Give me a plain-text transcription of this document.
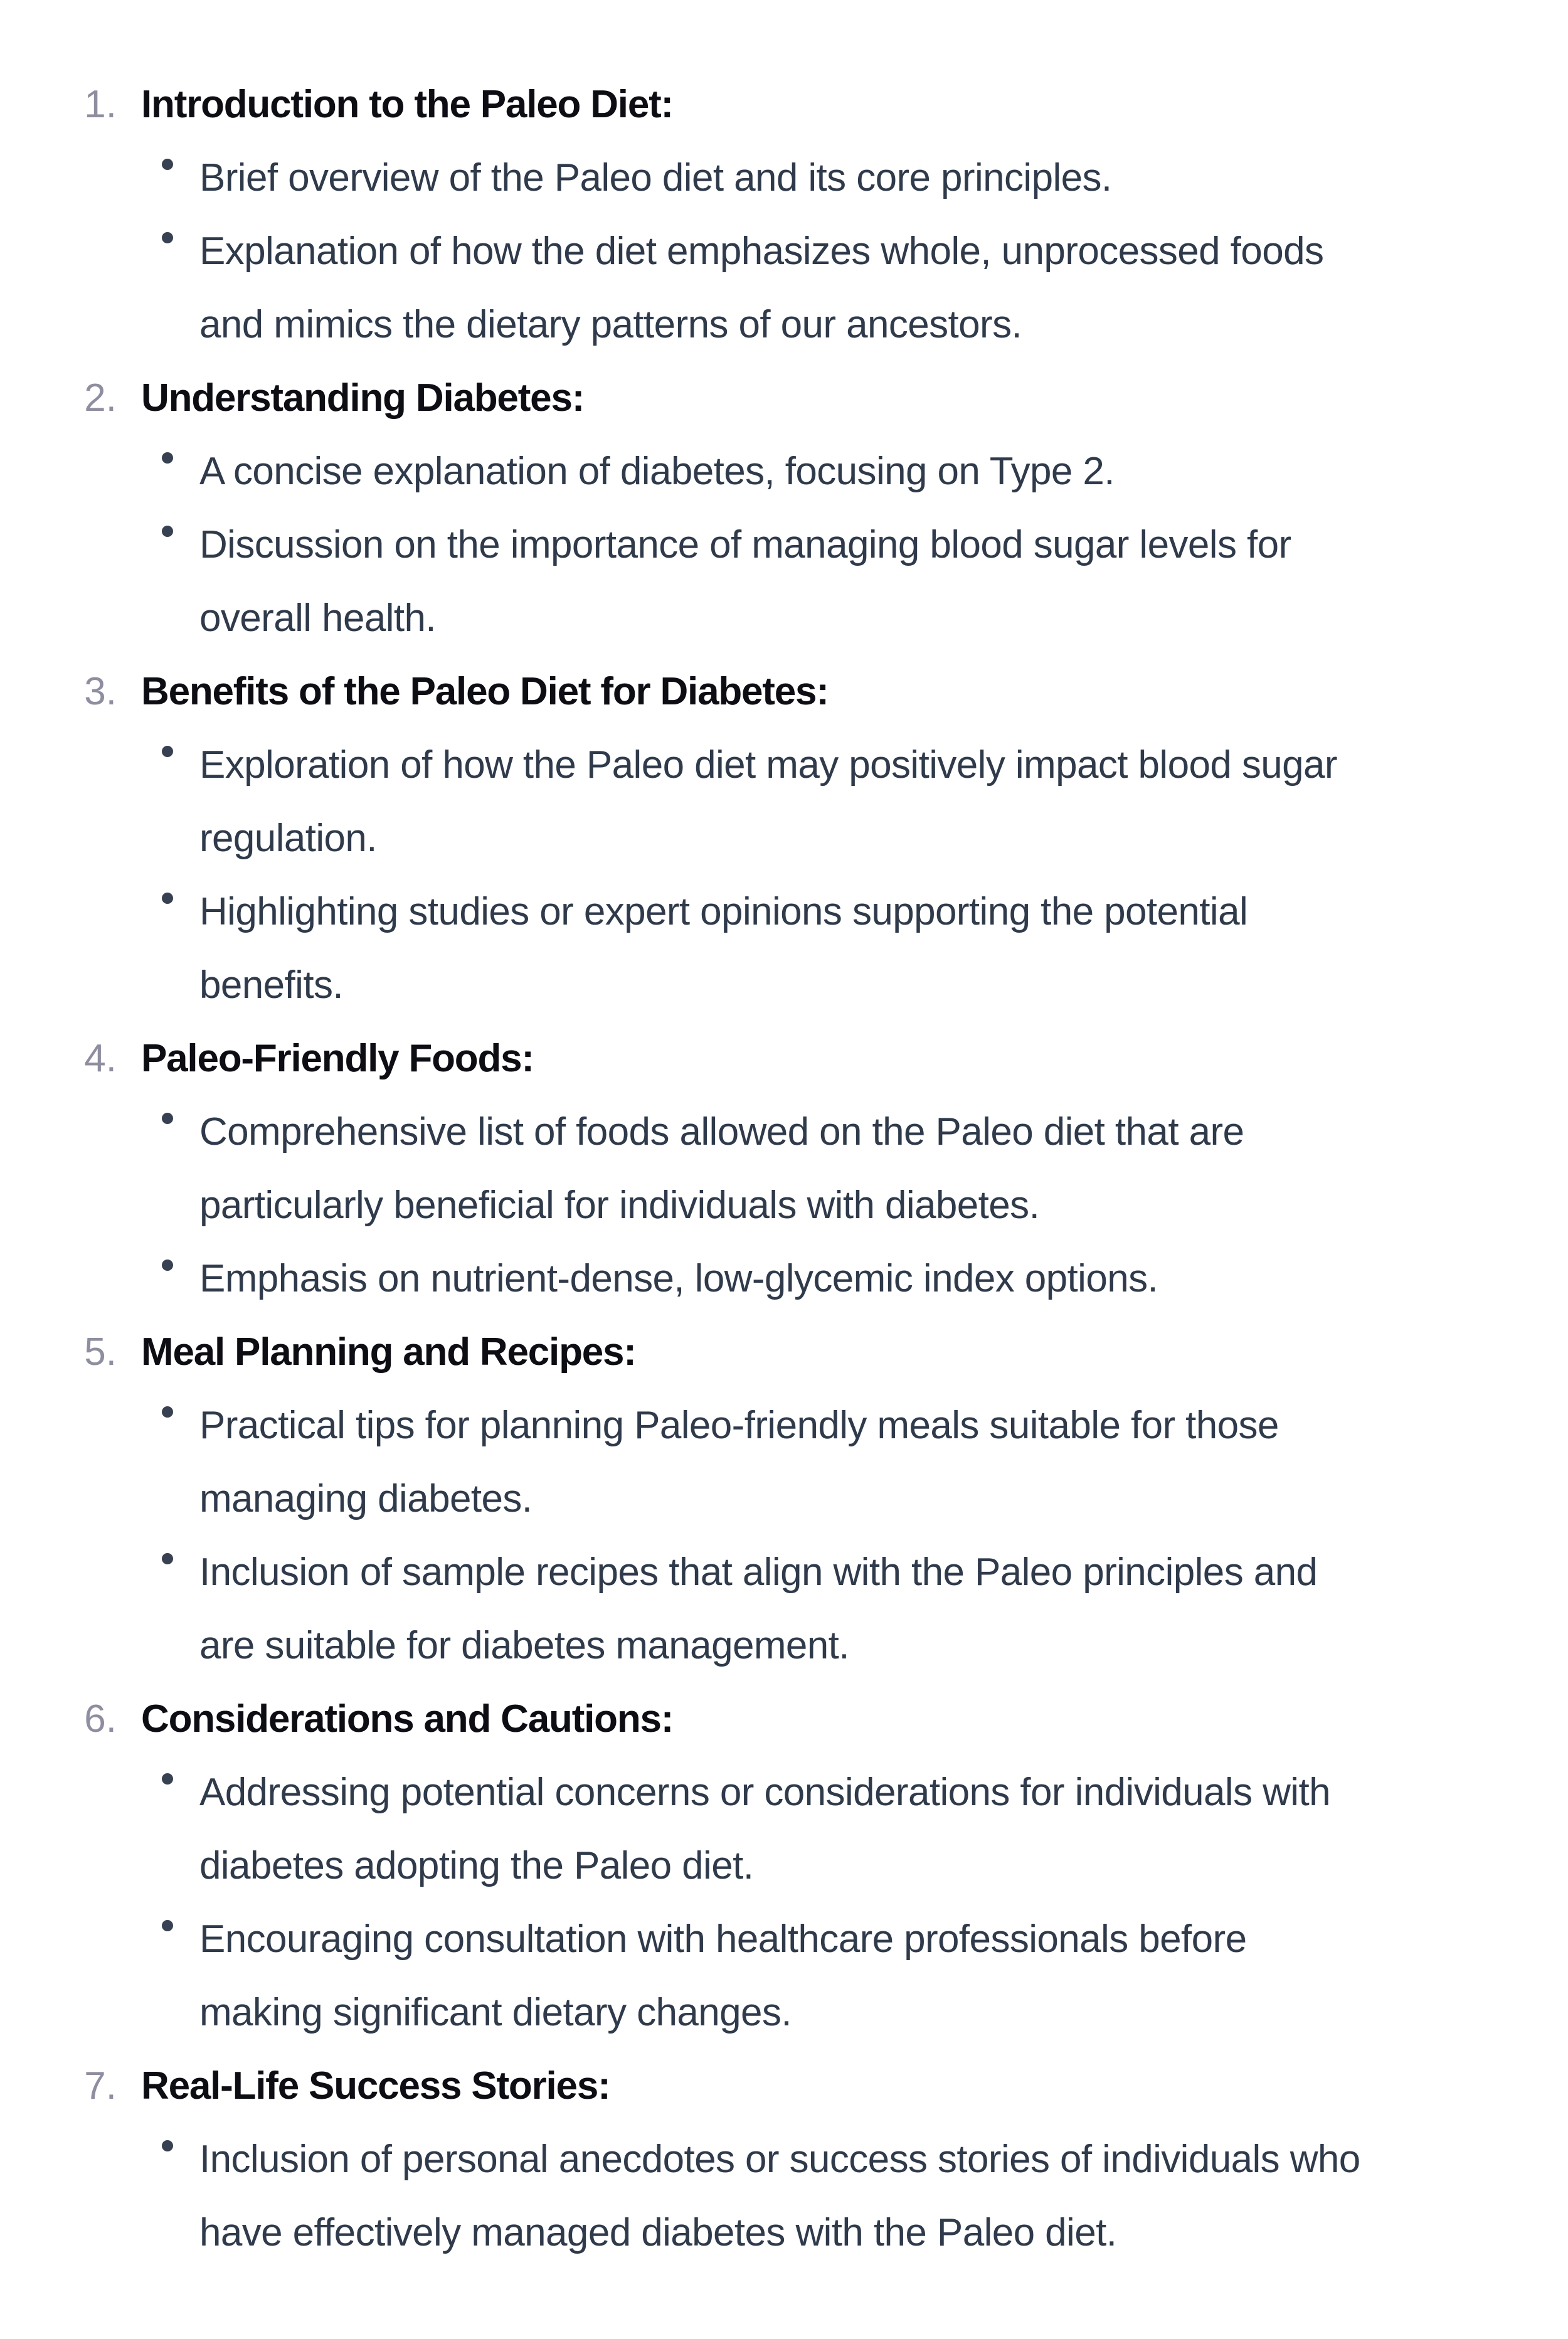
1. Introduction to the Paleo Diet:
Brief overview of the Paleo diet and its core principles.
Explanation of how the diet emphasizes whole, unprocessed foods
and mimics the dietary patterns of our ancestors.
2. Understanding Diabetes:
A concise explanation of diabetes, focusing on Type 2.
Discussion on the importance of managing blood sugar levels for
overall health.
3. Benefits of the Paleo Diet for Diabetes:
Exploration of how the Paleo diet may positively impact blood sugar
regulation.
Highlighting studies or expert opinions supporting the potential
benefits.
4. Paleo-Friendly Foods:
Comprehensive list of foods allowed on the Paleo diet that are
particularly beneficial for individuals with diabetes.
Emphasis on nutrient-dense, low-glycemic index options.
5. Meal Planning and Recipes:
Practical tips for planning Paleo-friendly meals suitable for those
managing diabetes.
Inclusion of sample recipes that align with the Paleo principles and
are suitable for diabetes management.
6. Considerations and Cautions:
Addressing potential concerns or considerations for individuals with
diabetes adopting the Paleo diet.
Encouraging consultation with healthcare professionals before
making significant dietary changes.
7. Real-Life Success Stories:
Inclusion of personal anecdotes or success stories of individuals who
have effectively managed diabetes with the Paleo diet.
